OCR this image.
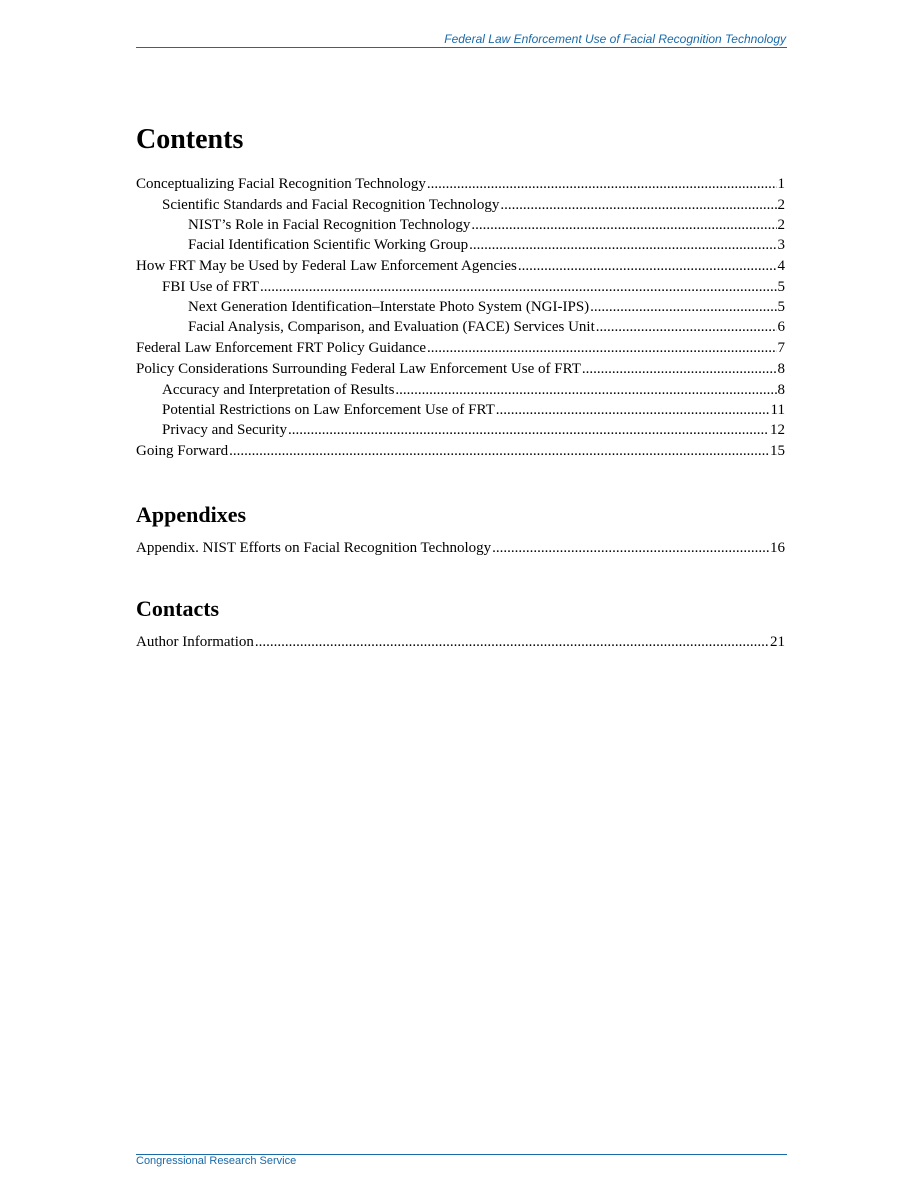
Federal Law Enforcement Use of Facial Recognition Technology
Contents
Conceptualizing Facial Recognition Technology .....	1
Scientific Standards and Facial Recognition Technology .....	2
NIST’s Role in Facial Recognition Technology .....	2
Facial Identification Scientific Working Group .....	3
How FRT May be Used by Federal Law Enforcement Agencies .....	4
FBI Use of FRT .....	5
Next Generation Identification–Interstate Photo System (NGI-IPS) .....	5
Facial Analysis, Comparison, and Evaluation (FACE) Services Unit .....	6
Federal Law Enforcement FRT Policy Guidance .....	7
Policy Considerations Surrounding Federal Law Enforcement Use of FRT .....	8
Accuracy and Interpretation of Results .....	8
Potential Restrictions on Law Enforcement Use of FRT .....	11
Privacy and Security .....	12
Going Forward .....	15
Appendixes
Appendix. NIST Efforts on Facial Recognition Technology .....	16
Contacts
Author Information .....	21
Congressional Research Service
